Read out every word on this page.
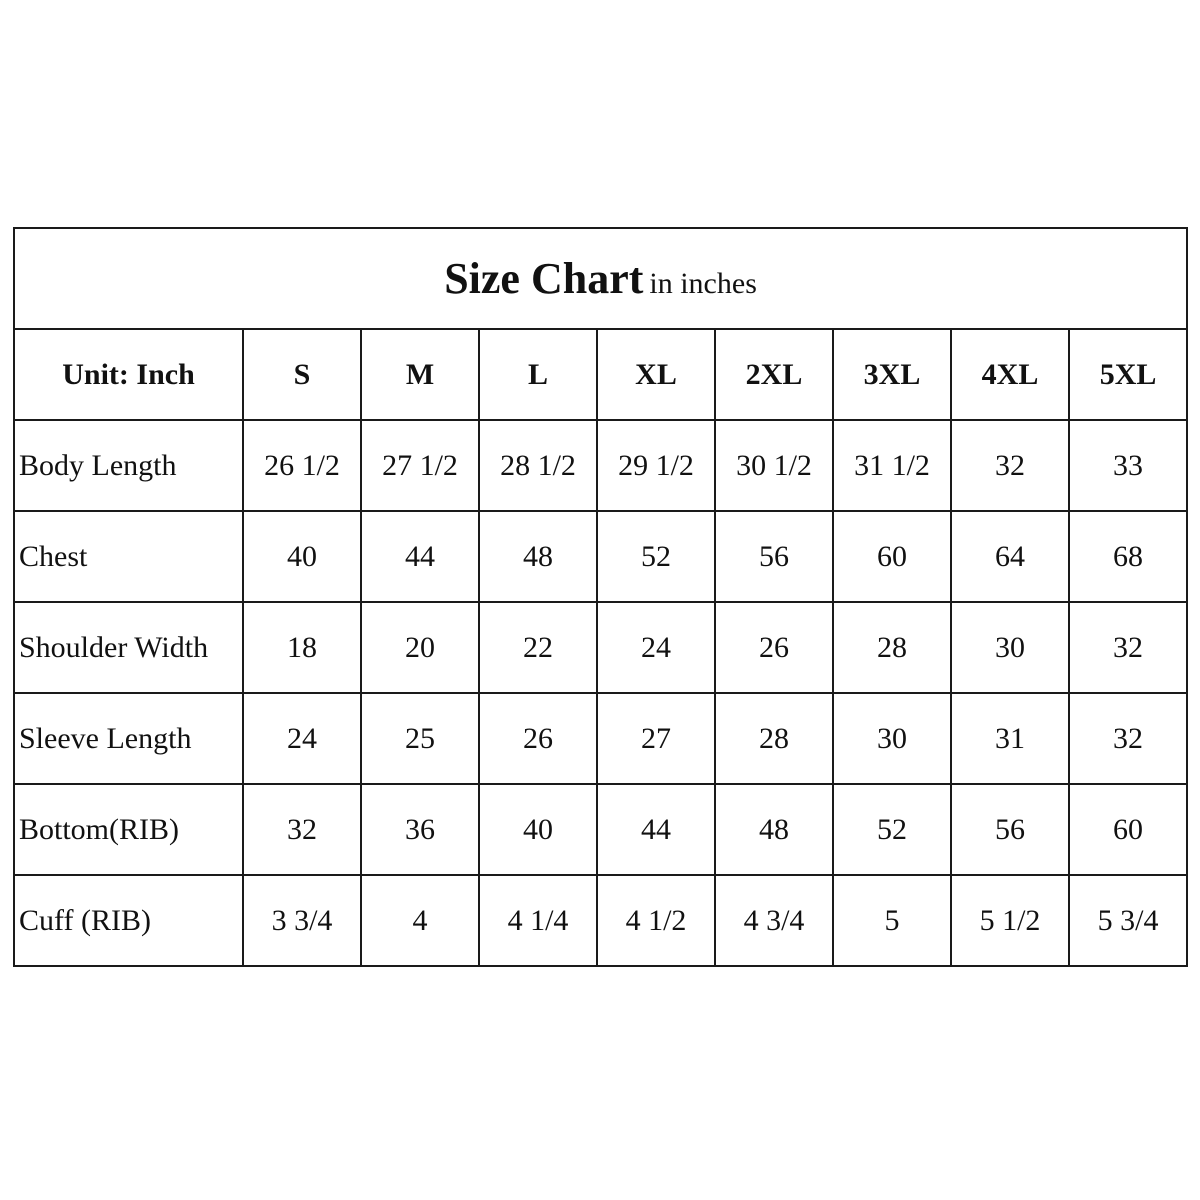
Size Chart in inches								
Unit: Inch	S	M	L	XL	2XL	3XL	4XL	5XL
Body Length	26 1/2	27 1/2	28 1/2	29 1/2	30 1/2	31 1/2	32	33
Chest	40	44	48	52	56	60	64	68
Shoulder Width	18	20	22	24	26	28	30	32
Sleeve Length	24	25	26	27	28	30	31	32
Bottom(RIB)	32	36	40	44	48	52	56	60
Cuff (RIB)	3 3/4	4	4 1/4	4 1/2	4 3/4	5	5 1/2	5 3/4
